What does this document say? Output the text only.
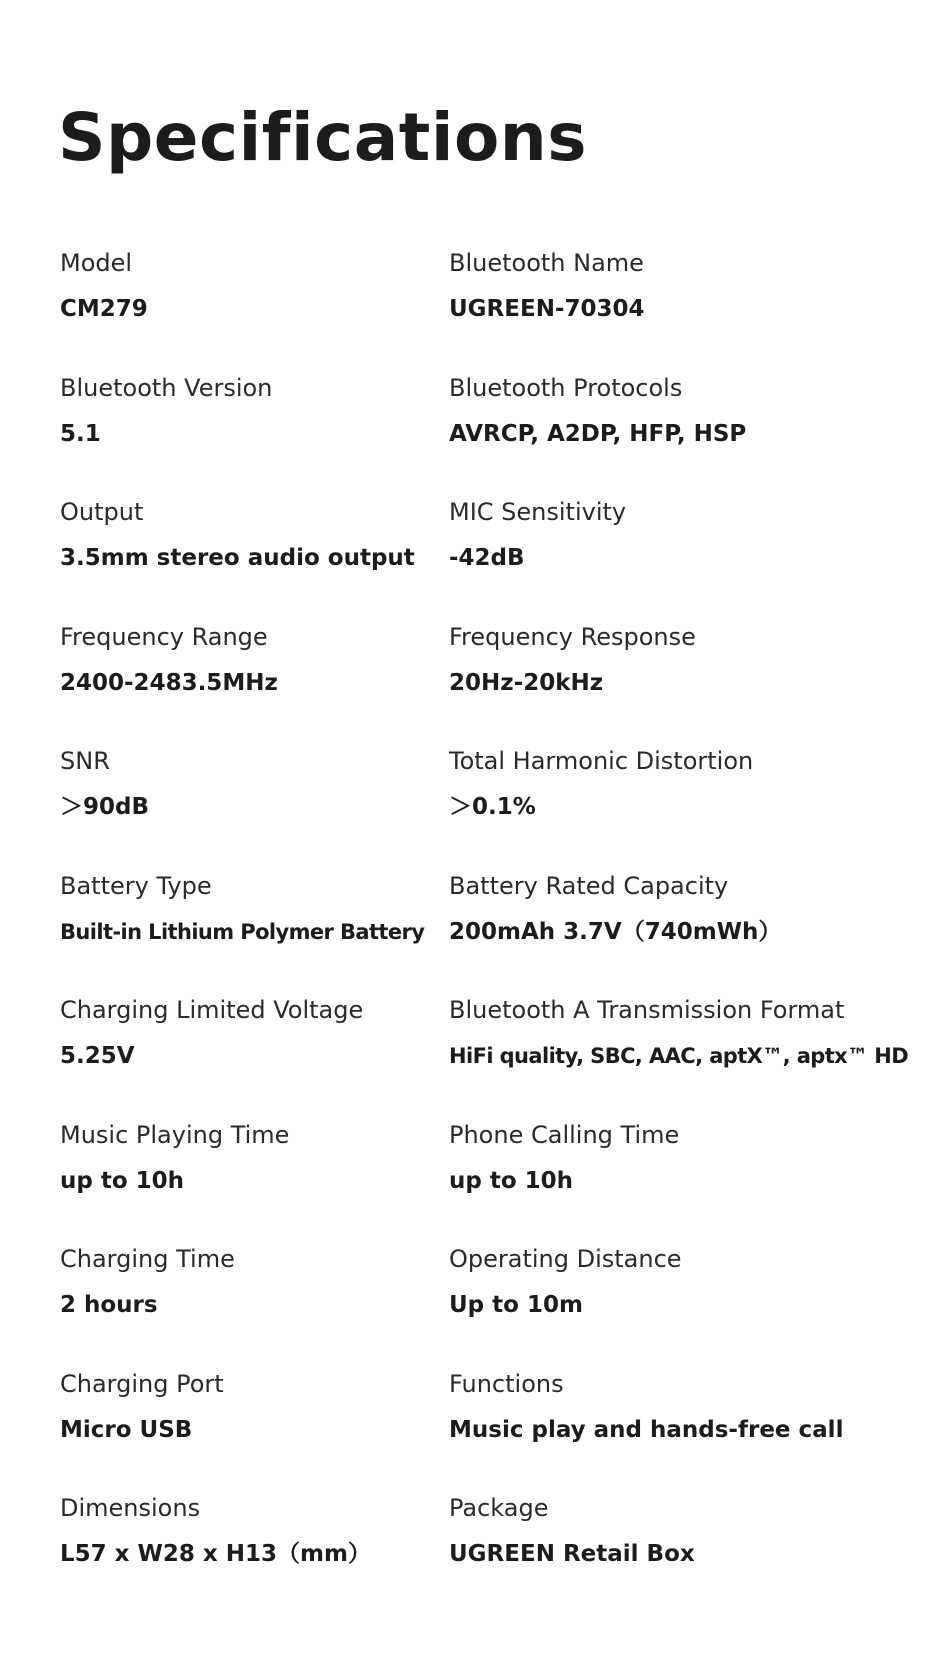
Specifications
Model
CM279
Bluetooth Name
UGREEN-70304
Bluetooth Version
5.1
Bluetooth Protocols
AVRCP, A2DP, HFP, HSP
Output
3.5mm stereo audio output
MIC Sensitivity
-42dB
Frequency Range
2400-2483.5MHz
Frequency Response
20Hz-20kHz
SNR
＞90dB
Total Harmonic Distortion
＞0.1%
Battery Type
Built-in Lithium Polymer Battery
Battery Rated Capacity
200mAh 3.7V（740mWh）
Charging Limited Voltage
5.25V
Bluetooth A Transmission Format
HiFi quality, SBC, AAC, aptX™, aptx™ HD
Music Playing Time
up to 10h
Phone Calling Time
up to 10h
Charging Time
2 hours
Operating Distance
Up to 10m
Charging Port
Micro USB
Functions
Music play and hands-free call
Dimensions
L57 x W28 x H13（mm）
Package
UGREEN Retail Box
